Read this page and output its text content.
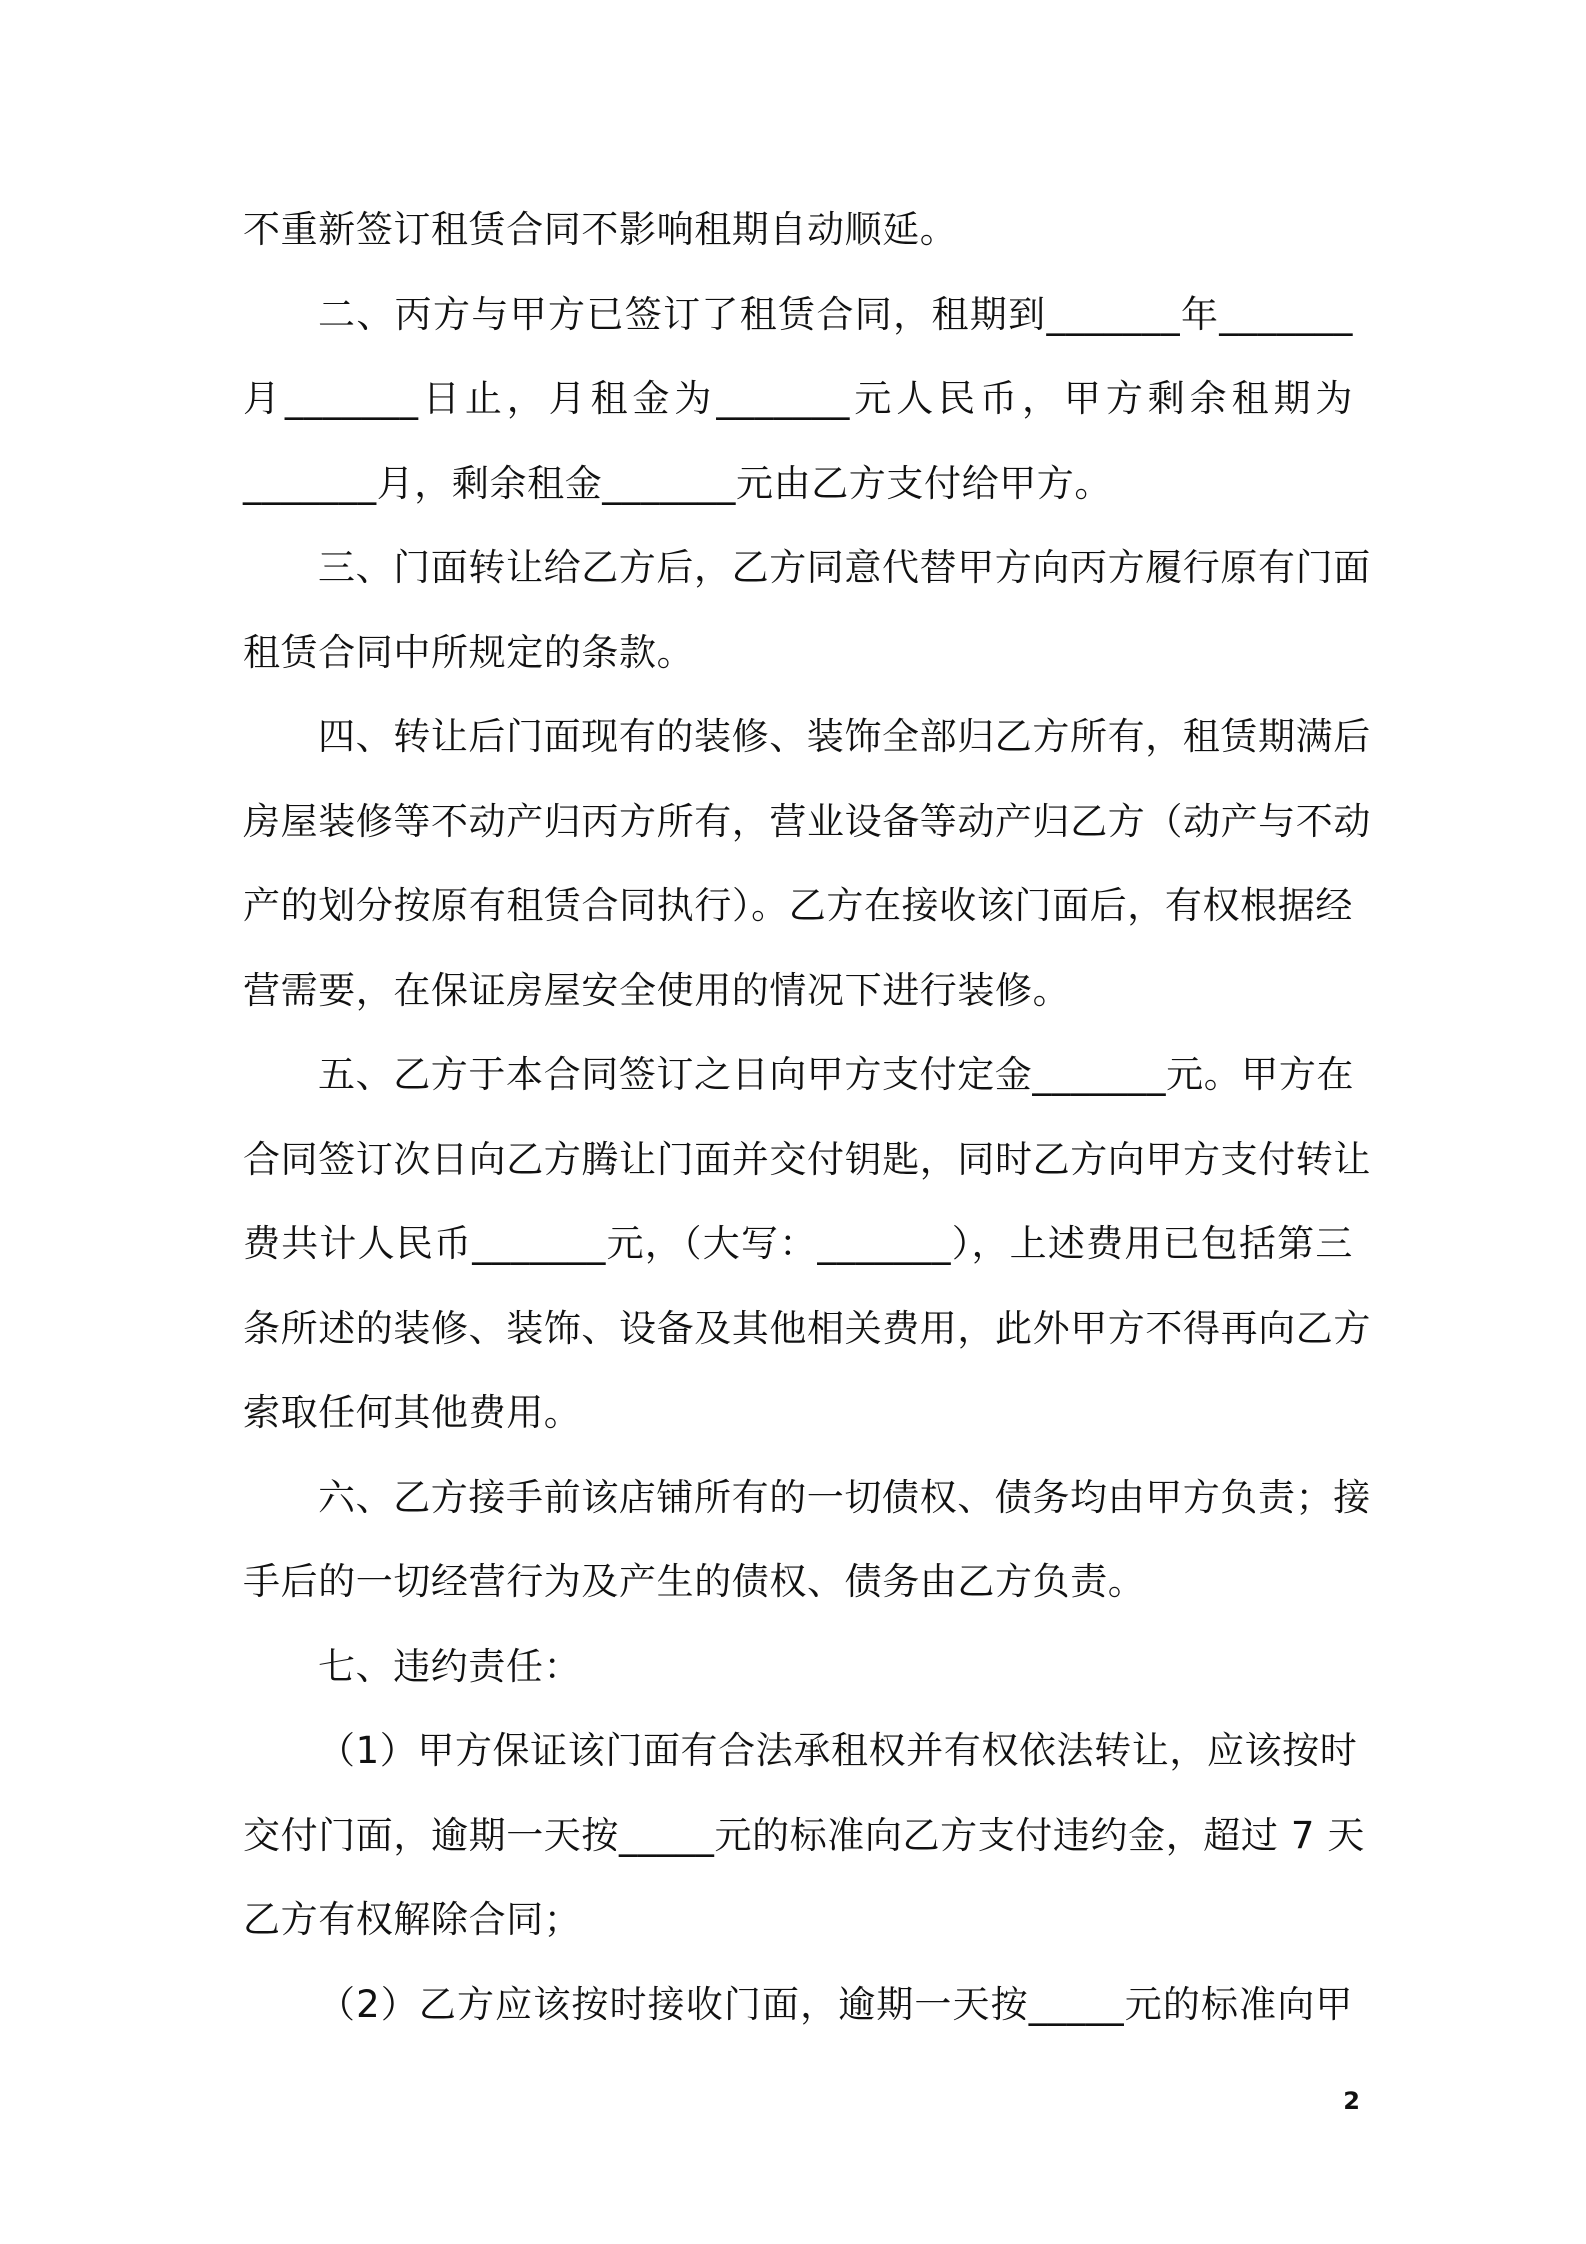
不重新签订租赁合同不影响租期自动顺延。
二、丙方与甲方已签订了租赁合同，租期到_______年_______
月_______日止，月租金为_______元人民币，甲方剩余租期为
_______月，剩余租金_______元由乙方支付给甲方。
三、门面转让给乙方后，乙方同意代替甲方向丙方履行原有门面
租赁合同中所规定的条款。
四、转让后门面现有的装修、装饰全部归乙方所有，租赁期满后
房屋装修等不动产归丙方所有，营业设备等动产归乙方（动产与不动
产的划分按原有租赁合同执行）。乙方在接收该门面后，有权根据经
营需要，在保证房屋安全使用的情况下进行装修。
五、乙方于本合同签订之日向甲方支付定金_______元。甲方在
合同签订次日向乙方腾让门面并交付钥匙，同时乙方向甲方支付转让
费共计人民币_______元，（大写：_______），上述费用已包括第三
条所述的装修、装饰、设备及其他相关费用，此外甲方不得再向乙方
索取任何其他费用。
六、乙方接手前该店铺所有的一切债权、债务均由甲方负责；接
手后的一切经营行为及产生的债权、债务由乙方负责。
七、违约责任：
（1）甲方保证该门面有合法承租权并有权依法转让，应该按时
交付门面，逾期一天按_____元的标准向乙方支付违约金，超过 7 天
乙方有权解除合同；
（2）乙方应该按时接收门面，逾期一天按_____元的标准向甲
2
